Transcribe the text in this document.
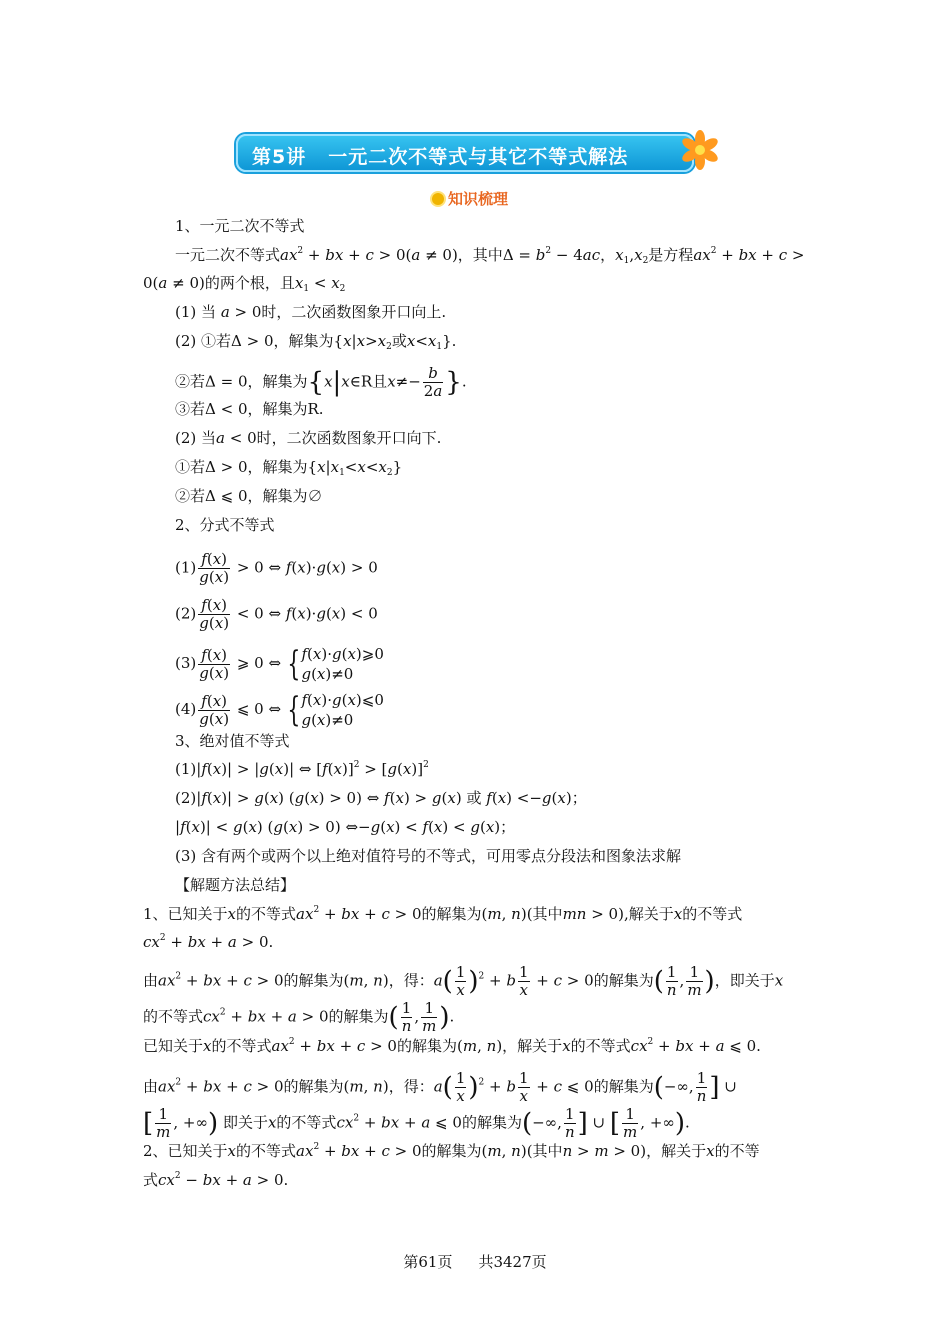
第5讲 一元二次不等式与其它不等式解法
知识梳理
1、一元二次不等式
一元二次不等式$ax^2$ + bx + c > 0(a ≠ 0)，其中$\Delta = b^2 - 4ac$，$x_1,x_2$是方程$ax^2$ + bx + c >
0(a ≠ 0)的两个根，且$x_1 < x_2$
(1) 当 a > 0时，二次函数图象开口向上.
(2) ①若Δ > 0，解集为{$x|x>x_2$或$x<x_1$}.
②若Δ = 0，解集为{x|x∈R且$x\ne- \frac{b}{2a}$ }.
③若Δ < 0，解集为R.
(2) 当a < 0时，二次函数图象开口向下.
①若Δ > 0，解集为$\{x|x_1<x<x_2\}$
②若Δ ⩽ 0，解集为∅
2、分式不等式
$(1) \frac{f(x)}{g(x)} > 0$ ⇔ f(x)·g(x) > 0
$(2) \frac{f(x)}{g(x)} < 0$ ⇔ f(x)·g(x) < 0
$(3) \frac{f(x)}{g(x)}$ ⩾ 0 ⇔ {f(x)·g(x)⩾0
g(x)≠0
$(4) \frac{f(x)}{g(x)}$ ⩽ 0 ⇔ {f(x)·g(x)⩽0
g(x)≠0
3、绝对值不等式
(1)|f(x)| > |g(x)| ⇔ $[f(x)]^2 > [g(x)]^2$
(2)|f(x)| > g(x) (g(x) > 0) ⇔ f(x) > g(x) 或 f(x) <−g(x)；
|f(x)| < g(x) (g(x) > 0) ⇔−g(x) < f(x) < g(x)；
(3) 含有两个或两个以上绝对值符号的不等式，可用零点分段法和图象法求解
【解题方法总结】
1、已知关于x的不等式$ax^2$ + bx + c > 0的解集为(m, n)(其中mn > 0),解关于x的不等式
$cx^2$ + bx + a > 0.
由$ax^2$ + bx + c > 0的解集为(m, n)，得：$a( \frac{1}{x} )^2 + b \frac{1}{x} + c > 0$的解集为( $\frac{1}{n}$ , $\frac{1}{m}$ )，即关于x
的不等式$cx^2$ + bx + a > 0的解集为( $\frac{1}{n}$ , $\frac{1}{m}$ ).
已知关于x的不等式$ax^2$ + bx + c > 0的解集为(m, n)，解关于x的不等式$cx^2$ + bx + a ⩽ 0.
由$ax^2$ + bx + c > 0的解集为(m, n)，得：$a( \frac{1}{x} )^2 + b \frac{1}{x} + c$ ⩽ 0的解集为(−∞, $\frac{1}{n}$ ] ∪
[ $\frac{1}{m}$ , +∞) 即关于x的不等式$cx^2$ + bx + a ⩽ 0的解集为(−∞, $\frac{1}{n}$ ] ∪ [ $\frac{1}{m}$ , +∞).
2、已知关于x的不等式$ax^2$ + bx + c > 0的解集为(m, n)(其中n > m > 0)，解关于x的不等
式$cx^2$ − bx + a > 0.
第61页 共3427页
